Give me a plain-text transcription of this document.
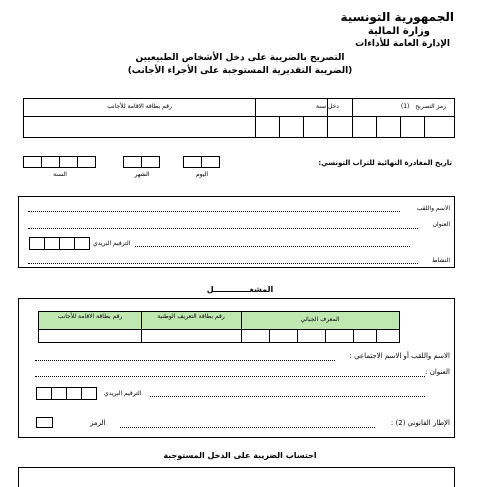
الجمهورية التونسية
وزارة المالية
الإدارة العامة للأداءات
التصريح بالضريبة على دخل الأشخاص الطبيعيين
(الضريبة التقديرية المستوجبة على الأجراء الأجانب)
رقم بطاقة الاقامة للأجانب	دخل سنة	رمز التصريح (1)
تاريخ المغادرة النهائية للتراب التونسي:
السنة	الشهر	اليوم
الاسم واللقب
العنوان
الترقيم البريدي
النشاط
المشغـــــــــــــل
رقم بطاقة الاقامة للأجانب	رقم بطاقة التعريف الوطنية	المعرف الجبائي
الاسم واللقب أو الاسم الاجتماعي :
العنوان :
الترقيم البريدي
الرمز	الإطار القانوني (2) :
احتساب الضريبة على الدخل المستوجبة
